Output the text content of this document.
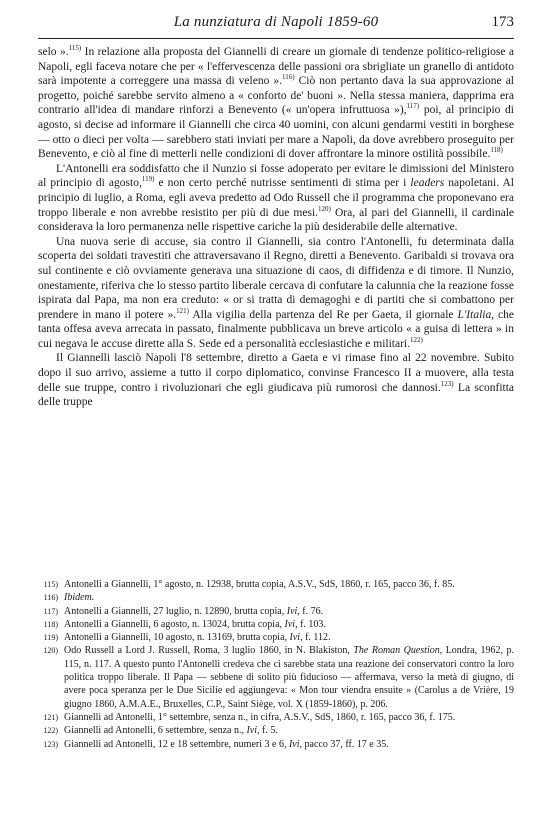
La nunziatura di Napoli 1859-60	173

selo ».$^{115)}$ In relazione alla proposta del Giannelli di creare un giornale di tendenze politico-religiose a Napoli, egli faceva notare che per « l'effervescenza delle passioni ora sbrigliate un granello di antidoto sarà impotente a correggere una massa di veleno ».$^{116)}$ Ciò non pertanto dava la sua approvazione al progetto, poiché sarebbe servito almeno a « conforto de' buoni ». Nella stessa maniera, dapprima era contrario all'idea di mandare rinforzi a Benevento (« un'opera infruttuosa »),$^{117)}$ poi, al principio di agosto, si decise ad informare il Giannelli che circa 40 uomini, con alcuni gendarmi vestiti in borghese — otto o dieci per volta — sarebbero stati inviati per mare a Napoli, da dove avrebbero proseguito per Benevento, e ciò al fine di metterli nelle condizioni di dover affrontare la minore ostilità possibile.$^{118)}$

L'Antonelli era soddisfatto che il Nunzio si fosse adoperato per evitare le dimissioni del Ministero al principio di agosto,$^{119)}$ e non certo perché nutrisse sentimenti di stima per i leaders napoletani. Al principio di luglio, a Roma, egli aveva predetto ad Odo Russell che il programma che proponevano era troppo liberale e non avrebbe resistito per più di due mesi.$^{120)}$ Ora, al pari del Giannelli, il cardinale considerava la loro permanenza nelle rispettive cariche la più desiderabile delle alternative.

Una nuova serie di accuse, sia contro il Giannelli, sia contro l'Antonelli, fu determinata dalla scoperta dei soldati travestiti che attraversavano il Regno, diretti a Benevento. Garibaldi si trovava ora sul continente e ciò ovviamente generava una situazione di caos, di diffidenza e di timore. Il Nunzio, onestamente, riferiva che lo stesso partito liberale cercava di confutare la calunnia che la reazione fosse ispirata dal Papa, ma non era creduto: « or si tratta di demagoghi e di partiti che si combattono per prendere in mano il potere ».$^{121)}$ Alla vigilia della partenza del Re per Gaeta, il giornale L'Italia, che tanta offesa aveva arrecata in passato, finalmente pubblicava un breve articolo « a guisa di lettera » in cui negava le accuse dirette alla S. Sede ed a personalità ecclesiastiche e militari.$^{122)}$

Il Giannelli lasciò Napoli l'8 settembre, diretto a Gaeta e vi rimase fino al 22 novembre. Subito dopo il suo arrivo, assieme a tutto il corpo diplomatico, convinse Francesco II a muovere, alla testa delle sue truppe, contro i rivoluzionari che egli giudicava più rumorosi che dannosi.$^{123)}$ La sconfitta delle truppe

115) Antonelli a Giannelli, 1° agosto, n. 12938, brutta copia, A.S.V., SdS, 1860, r. 165, pacco 36, f. 85.
116) Ibidem.
117) Antonelli a Giannelli, 27 luglio, n. 12890, brutta copia, Ivi, f. 76.
118) Antonelli a Giannelli, 6 agosto, n. 13024, brutta copia, Ivi, f. 103.
119) Antonelli a Giannelli, 10 agosto, n. 13169, brutta copia, Ivi, f. 112.
120) Odo Russell a Lord J. Russell, Roma, 3 luglio 1860, in N. Blakiston, The Roman Question, Londra, 1962, p. 115, n. 117. A questo punto l'Antonelli credeva che ci sarebbe stata una reazione dei conservatori contro la loro politica troppo liberale. Il Papa — sebbene di solito più fiducioso — affermava, verso la metà di giugno, di avere poca speranza per le Due Sicilie ed aggiungeva: « Mon tour viendra ensuite » (Carolus a de Vrière, 19 giugno 1860, A.M.A.E., Bruxelles, C.P., Saint Siège, vol. X (1859-1860), p. 206.
121) Giannelli ad Antonelli, 1° settembre, senza n., in cifra, A.S.V., SdS, 1860, r. 165, pacco 36, f. 175.
122) Giannelli ad Antonelli, 6 settembre, senza n., Ivi, f. 5.
123) Giannelli ad Antonelli, 12 e 18 settembre, numeri 3 e 6, Ivi, pacco 37, ff. 17 e 35.
